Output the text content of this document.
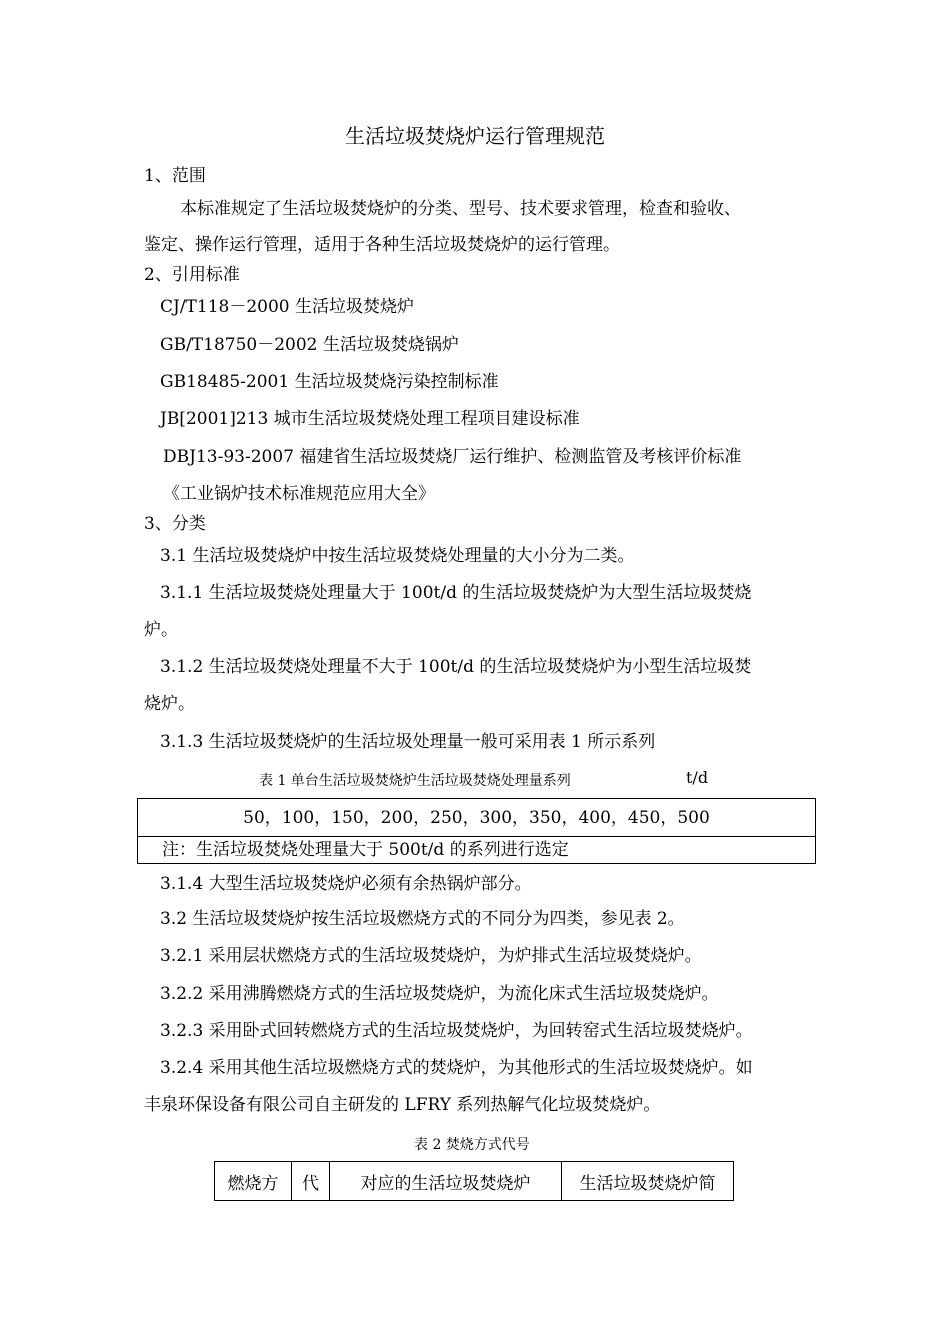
生活垃圾焚烧炉运行管理规范
1、范围
本标准规定了生活垃圾焚烧炉的分类、型号、技术要求管理，检查和验收、
鉴定、操作运行管理，适用于各种生活垃圾焚烧炉的运行管理。
2、引用标准
CJ/T118－2000 生活垃圾焚烧炉
GB/T18750－2002 生活垃圾焚烧锅炉
GB18485-2001 生活垃圾焚烧污染控制标准
JB[2001]213 城市生活垃圾焚烧处理工程项目建设标准
DBJ13-93-2007 福建省生活垃圾焚烧厂运行维护、检测监管及考核评价标准
《工业锅炉技术标准规范应用大全》
3、分类
3.1 生活垃圾焚烧炉中按生活垃圾焚烧处理量的大小分为二类。
3.1.1 生活垃圾焚烧处理量大于 100t/d 的生活垃圾焚烧炉为大型生活垃圾焚烧
炉。
3.1.2 生活垃圾焚烧处理量不大于 100t/d 的生活垃圾焚烧炉为小型生活垃圾焚
烧炉。
3.1.3 生活垃圾焚烧炉的生活垃圾处理量一般可采用表 1 所示系列
表 1 单台生活垃圾焚烧炉生活垃圾焚烧处理量系列	t/d
50，100，150，200，250，300，350，400，450，500
注：生活垃圾焚烧处理量大于 500t/d 的系列进行选定
3.1.4 大型生活垃圾焚烧炉必须有余热锅炉部分。
3.2 生活垃圾焚烧炉按生活垃圾燃烧方式的不同分为四类，参见表 2。
3.2.1 采用层状燃烧方式的生活垃圾焚烧炉，为炉排式生活垃圾焚烧炉。
3.2.2 采用沸腾燃烧方式的生活垃圾焚烧炉，为流化床式生活垃圾焚烧炉。
3.2.3 采用卧式回转燃烧方式的生活垃圾焚烧炉，为回转窑式生活垃圾焚烧炉。
3.2.4 采用其他生活垃圾燃烧方式的焚烧炉，为其他形式的生活垃圾焚烧炉。如
丰泉环保设备有限公司自主研发的 LFRY 系列热解气化垃圾焚烧炉。
表 2 焚烧方式代号
燃烧方	代	对应的生活垃圾焚烧炉	生活垃圾焚烧炉简
